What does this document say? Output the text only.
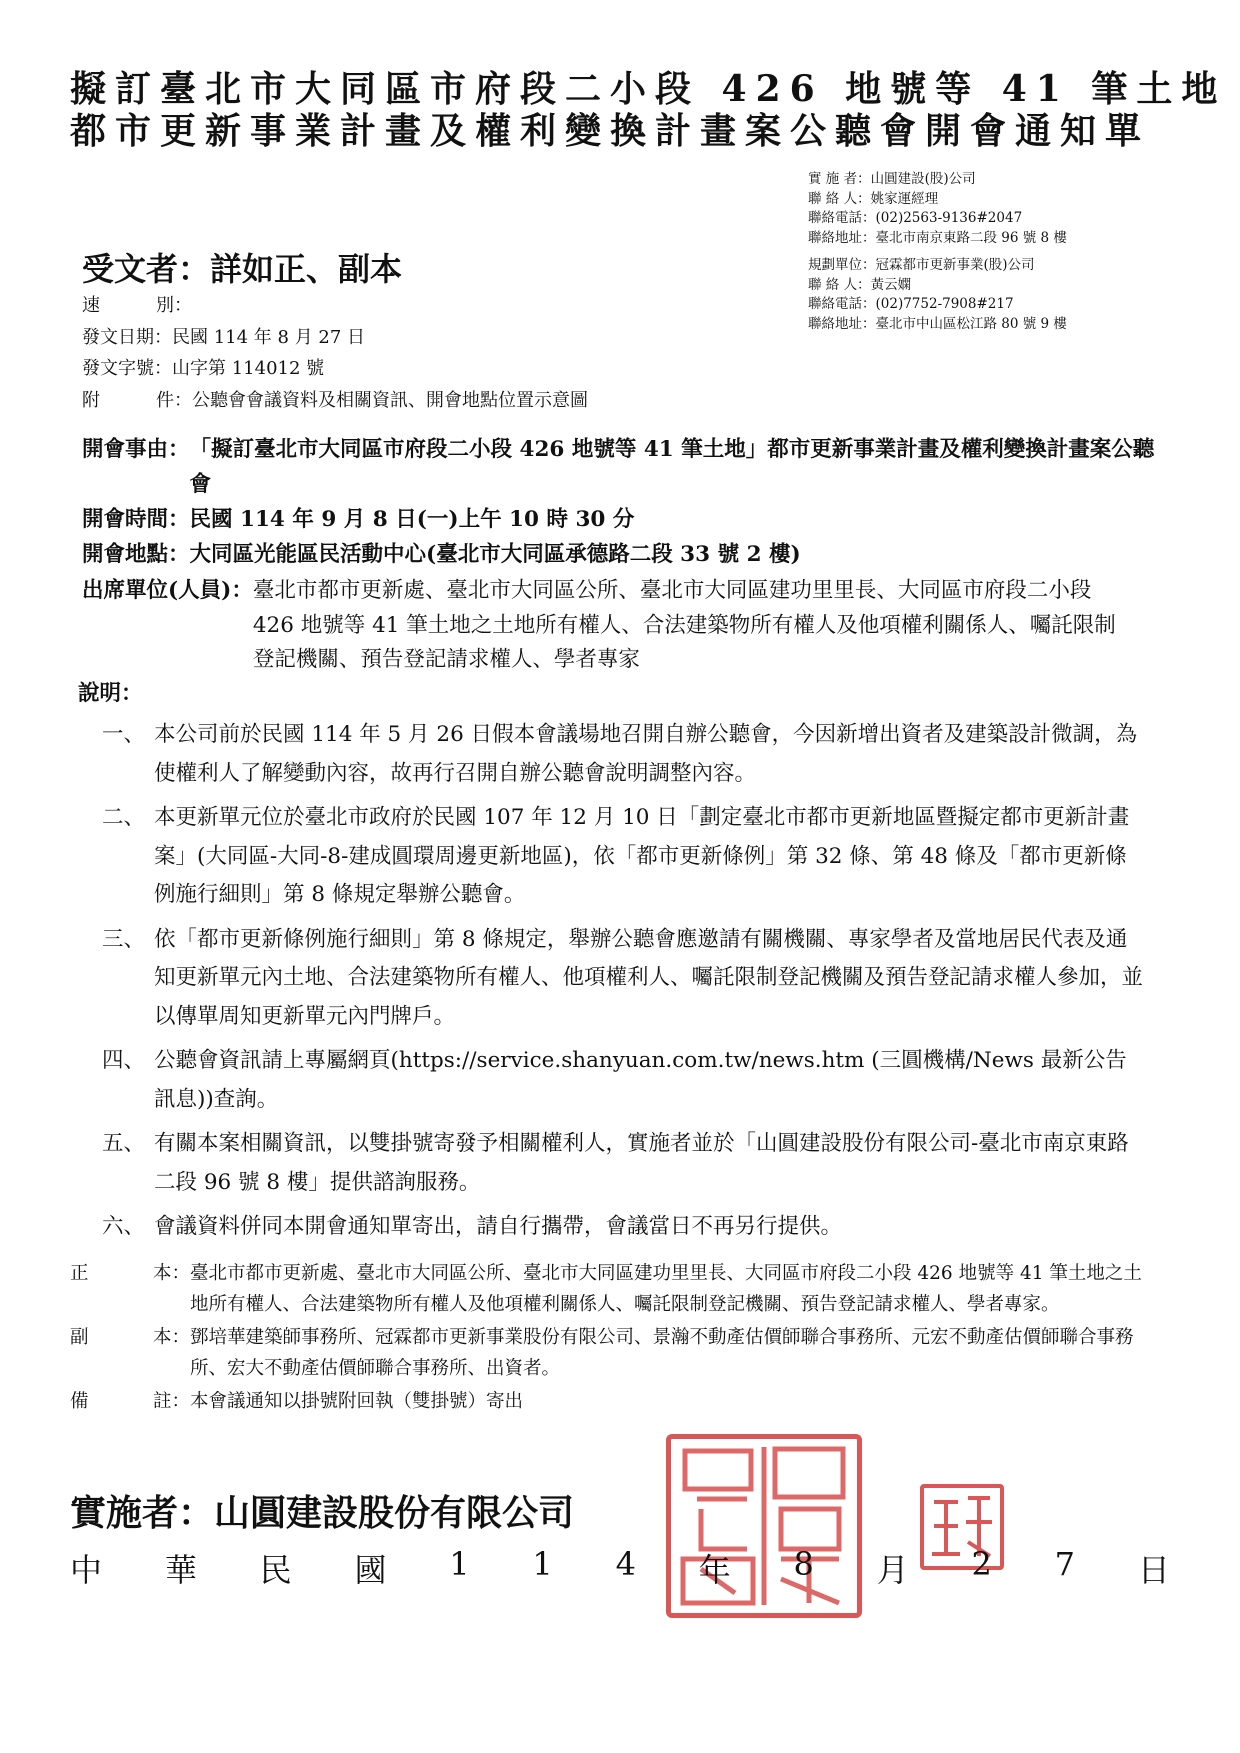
擬訂臺北市大同區市府段二小段 426 地號等 41 筆土地
都市更新事業計畫及權利變換計畫案公聽會開會通知單
實 施 者：山圓建設(股)公司
聯 絡 人：姚家運經理
聯絡電話：(02)2563-9136#2047
聯絡地址：臺北市南京東路二段 96 號 8 樓
規劃單位：冠霖都市更新事業(股)公司
聯 絡 人：黃云嫻
聯絡電話：(02)7752-7908#217
聯絡地址：臺北市中山區松江路 80 號 9 樓
受文者：詳如正、副本
速	別：
發文日期： 民國 114 年 8 月 27 日
發文字號： 山字第 114012 號
附	件： 公聽會會議資料及相關資訊、開會地點位置示意圖
開會事由： 「擬訂臺北市大同區市府段二小段 426 地號等 41 筆土地」都市更新事業計畫及權利變換計畫案公聽會
開會時間： 民國 114 年 9 月 8 日(一)上午 10 時 30 分
開會地點： 大同區光能區民活動中心(臺北市大同區承德路二段 33 號 2 樓)
出席單位(人員)： 臺北市都市更新處、臺北市大同區公所、臺北市大同區建功里里長、大同區市府段二小段 426 地號等 41 筆土地之土地所有權人、合法建築物所有權人及他項權利關係人、囑託限制登記機關、預告登記請求權人、學者專家
說明：
一、 本公司前於民國 114 年 5 月 26 日假本會議場地召開自辦公聽會，今因新增出資者及建築設計微調，為使權利人了解變動內容，故再行召開自辦公聽會說明調整內容。
二、 本更新單元位於臺北市政府於民國 107 年 12 月 10 日「劃定臺北市都市更新地區暨擬定都市更新計畫案」(大同區-大同-8-建成圓環周邊更新地區)，依「都市更新條例」第 32 條、第 48 條及「都市更新條例施行細則」第 8 條規定舉辦公聽會。
三、 依「都市更新條例施行細則」第 8 條規定，舉辦公聽會應邀請有關機關、專家學者及當地居民代表及通知更新單元內土地、合法建築物所有權人、他項權利人、囑託限制登記機關及預告登記請求權人參加，並以傳單周知更新單元內門牌戶。
四、 公聽會資訊請上專屬網頁(https://service.shanyuan.com.tw/news.htm (三圓機構/News 最新公告訊息))查詢。
五、 有關本案相關資訊，以雙掛號寄發予相關權利人，實施者並於「山圓建設股份有限公司-臺北市南京東路二段 96 號 8 樓」提供諮詢服務。
六、 會議資料併同本開會通知單寄出，請自行攜帶，會議當日不再另行提供。
正	本： 臺北市都市更新處、臺北市大同區公所、臺北市大同區建功里里長、大同區市府段二小段 426 地號等 41 筆土地之土地所有權人、合法建築物所有權人及他項權利關係人、囑託限制登記機關、預告登記請求權人、學者專家。
副	本： 鄧培華建築師事務所、冠霖都市更新事業股份有限公司、景瀚不動產估價師聯合事務所、元宏不動產估價師聯合事務所、宏大不動產估價師聯合事務所、出資者。
備	註： 本會議通知以掛號附回執（雙掛號）寄出
實施者：山圓建設股份有限公司
中 華 民 國 1 1 4 年 8 月 2 7 日
